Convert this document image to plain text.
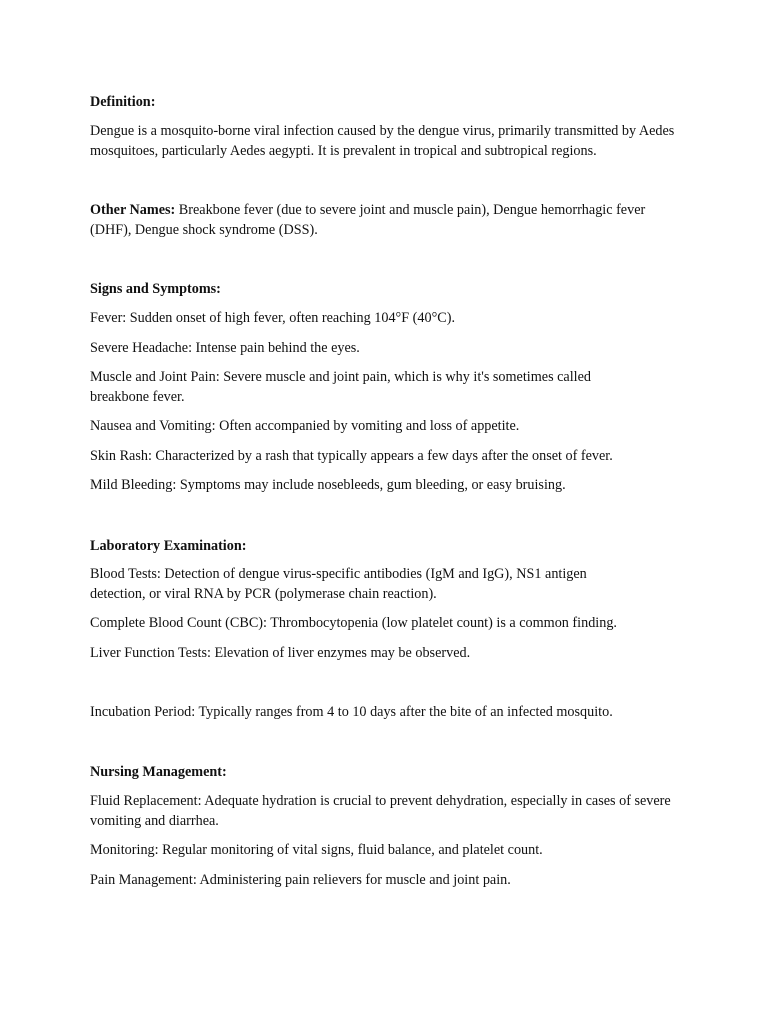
Definition:
Dengue is a mosquito-borne viral infection caused by the dengue virus, primarily transmitted by Aedes mosquitoes, particularly Aedes aegypti. It is prevalent in tropical and subtropical regions.
Other Names: Breakbone fever (due to severe joint and muscle pain), Dengue hemorrhagic fever (DHF), Dengue shock syndrome (DSS).
Signs and Symptoms:
Fever: Sudden onset of high fever, often reaching 104°F (40°C).
Severe Headache: Intense pain behind the eyes.
Muscle and Joint Pain: Severe muscle and joint pain, which is why it's sometimes called breakbone fever.
Nausea and Vomiting: Often accompanied by vomiting and loss of appetite.
Skin Rash: Characterized by a rash that typically appears a few days after the onset of fever.
Mild Bleeding: Symptoms may include nosebleeds, gum bleeding, or easy bruising.
Laboratory Examination:
Blood Tests: Detection of dengue virus-specific antibodies (IgM and IgG), NS1 antigen detection, or viral RNA by PCR (polymerase chain reaction).
Complete Blood Count (CBC): Thrombocytopenia (low platelet count) is a common finding.
Liver Function Tests: Elevation of liver enzymes may be observed.
Incubation Period: Typically ranges from 4 to 10 days after the bite of an infected mosquito.
Nursing Management:
Fluid Replacement: Adequate hydration is crucial to prevent dehydration, especially in cases of severe vomiting and diarrhea.
Monitoring: Regular monitoring of vital signs, fluid balance, and platelet count.
Pain Management: Administering pain relievers for muscle and joint pain.
